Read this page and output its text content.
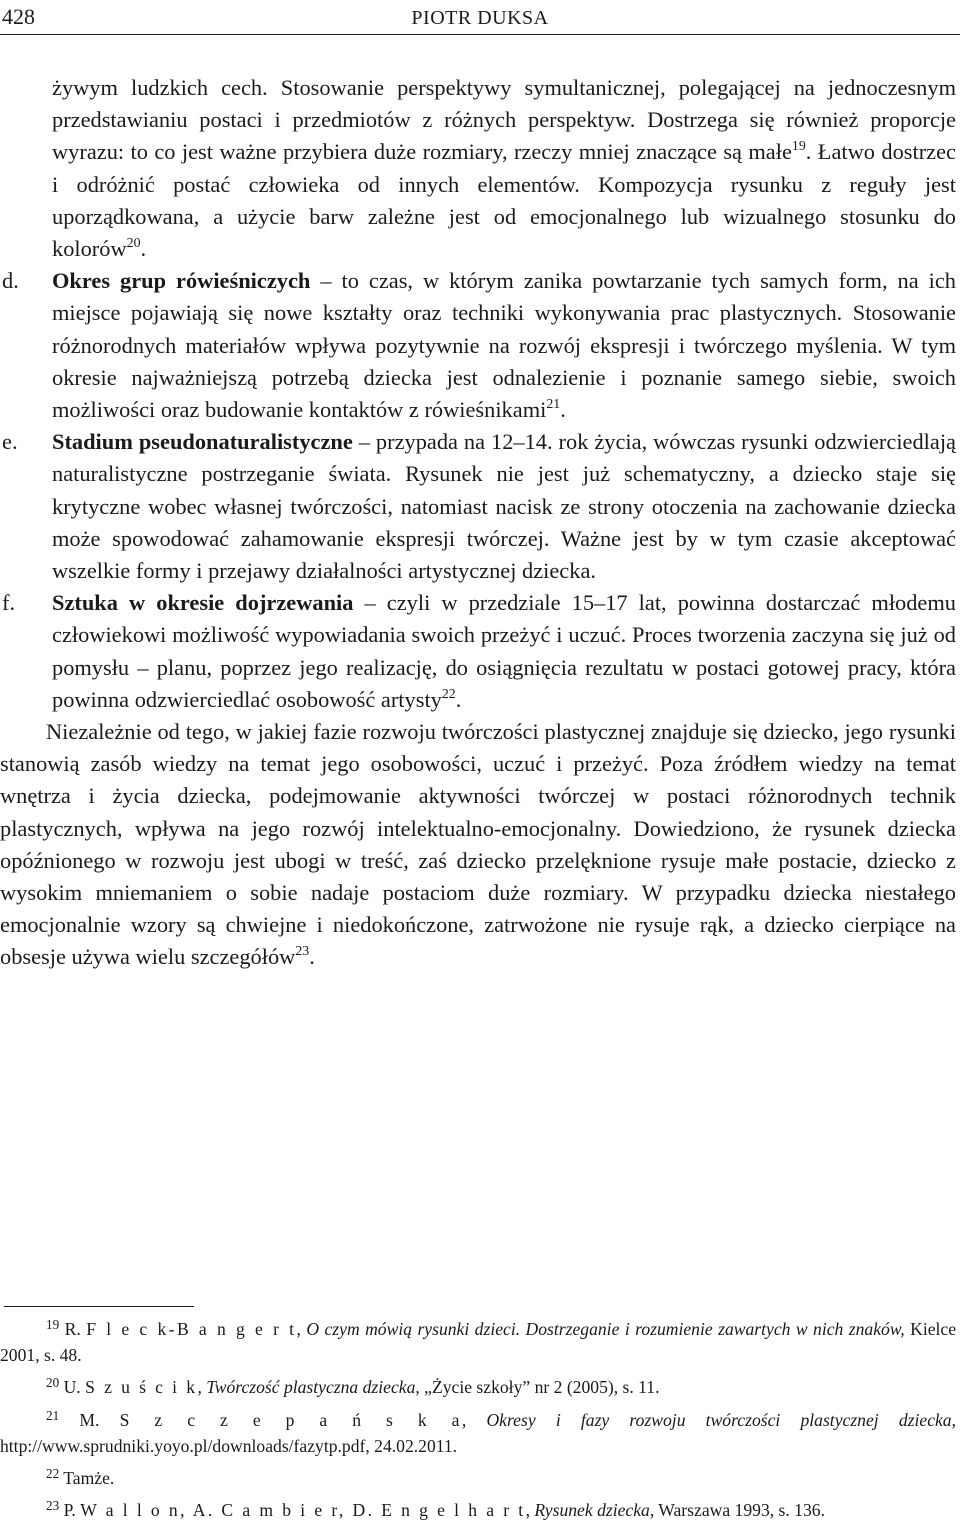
428	PIOTR DUKSA

żywym ludzkich cech. Stosowanie perspektywy symultanicznej, polegającej na jednoczesnym przedstawianiu postaci i przedmiotów z różnych perspektyw. Dostrzega się również proporcje wyrazu: to co jest ważne przybiera duże rozmiary, rzeczy mniej znaczące są małe$^{19}$. Łatwo dostrzec i odróżnić postać człowieka od innych elementów. Kompozycja rysunku z reguły jest uporządkowana, a użycie barw zależne jest od emocjonalnego lub wizualnego stosunku do kolorów$^{20}$.

d. Okres grup rówieśniczych – to czas, w którym zanika powtarzanie tych samych form, na ich miejsce pojawiają się nowe kształty oraz techniki wykonywania prac plastycznych. Stosowanie różnorodnych materiałów wpływa pozytywnie na rozwój ekspresji i twórczego myślenia. W tym okresie najważniejszą potrzebą dziecka jest odnalezienie i poznanie samego siebie, swoich możliwości oraz budowanie kontaktów z rówieśnikami$^{21}$.

e. Stadium pseudonaturalistyczne – przypada na 12–14. rok życia, wówczas rysunki odzwierciedlają naturalistyczne postrzeganie świata. Rysunek nie jest już schematyczny, a dziecko staje się krytyczne wobec własnej twórczości, natomiast nacisk ze strony otoczenia na zachowanie dziecka może spowodować zahamowanie ekspresji twórczej. Ważne jest by w tym czasie akceptować wszelkie formy i przejawy działalności artystycznej dziecka.

f. Sztuka w okresie dojrzewania – czyli w przedziale 15–17 lat, powinna dostarczać młodemu człowiekowi możliwość wypowiadania swoich przeżyć i uczuć. Proces tworzenia zaczyna się już od pomysłu – planu, poprzez jego realizację, do osiągnięcia rezultatu w postaci gotowej pracy, która powinna odzwierciedlać osobowość artysty$^{22}$.

Niezależnie od tego, w jakiej fazie rozwoju twórczości plastycznej znajduje się dziecko, jego rysunki stanowią zasób wiedzy na temat jego osobowości, uczuć i przeżyć. Poza źródłem wiedzy na temat wnętrza i życia dziecka, podejmowanie aktywności twórczej w postaci różnorodnych technik plastycznych, wpływa na jego rozwój intelektualno-emocjonalny. Dowiedziono, że rysunek dziecka opóźnionego w rozwoju jest ubogi w treść, zaś dziecko przelęknione rysuje małe postacie, dziecko z wysokim mniemaniem o sobie nadaje postaciom duże rozmiary. W przypadku dziecka niestałego emocjonalnie wzory są chwiejne i niedokończone, zatrwożone nie rysuje rąk, a dziecko cierpiące na obsesje używa wielu szczegółów$^{23}$.

$^{19}$ R. F l e c k-B a n g e r t, O czym mówią rysunki dzieci. Dostrzeganie i rozumienie zawartych w nich znaków, Kielce 2001, s. 48.

$^{20}$ U. S z u ś c i k, Twórczość plastyczna dziecka, „Życie szkoły” nr 2 (2005), s. 11.

$^{21}$ M. S z c z e p a ń s k a, Okresy i fazy rozwoju twórczości plastycznej dziecka, http://www.sprudniki.yoyo.pl/downloads/fazytp.pdf, 24.02.2011.

$^{22}$ Tamże.

$^{23}$ P. W a l l o n, A. C a m b i e r, D. E n g e l h a r t, Rysunek dziecka, Warszawa 1993, s. 136.
